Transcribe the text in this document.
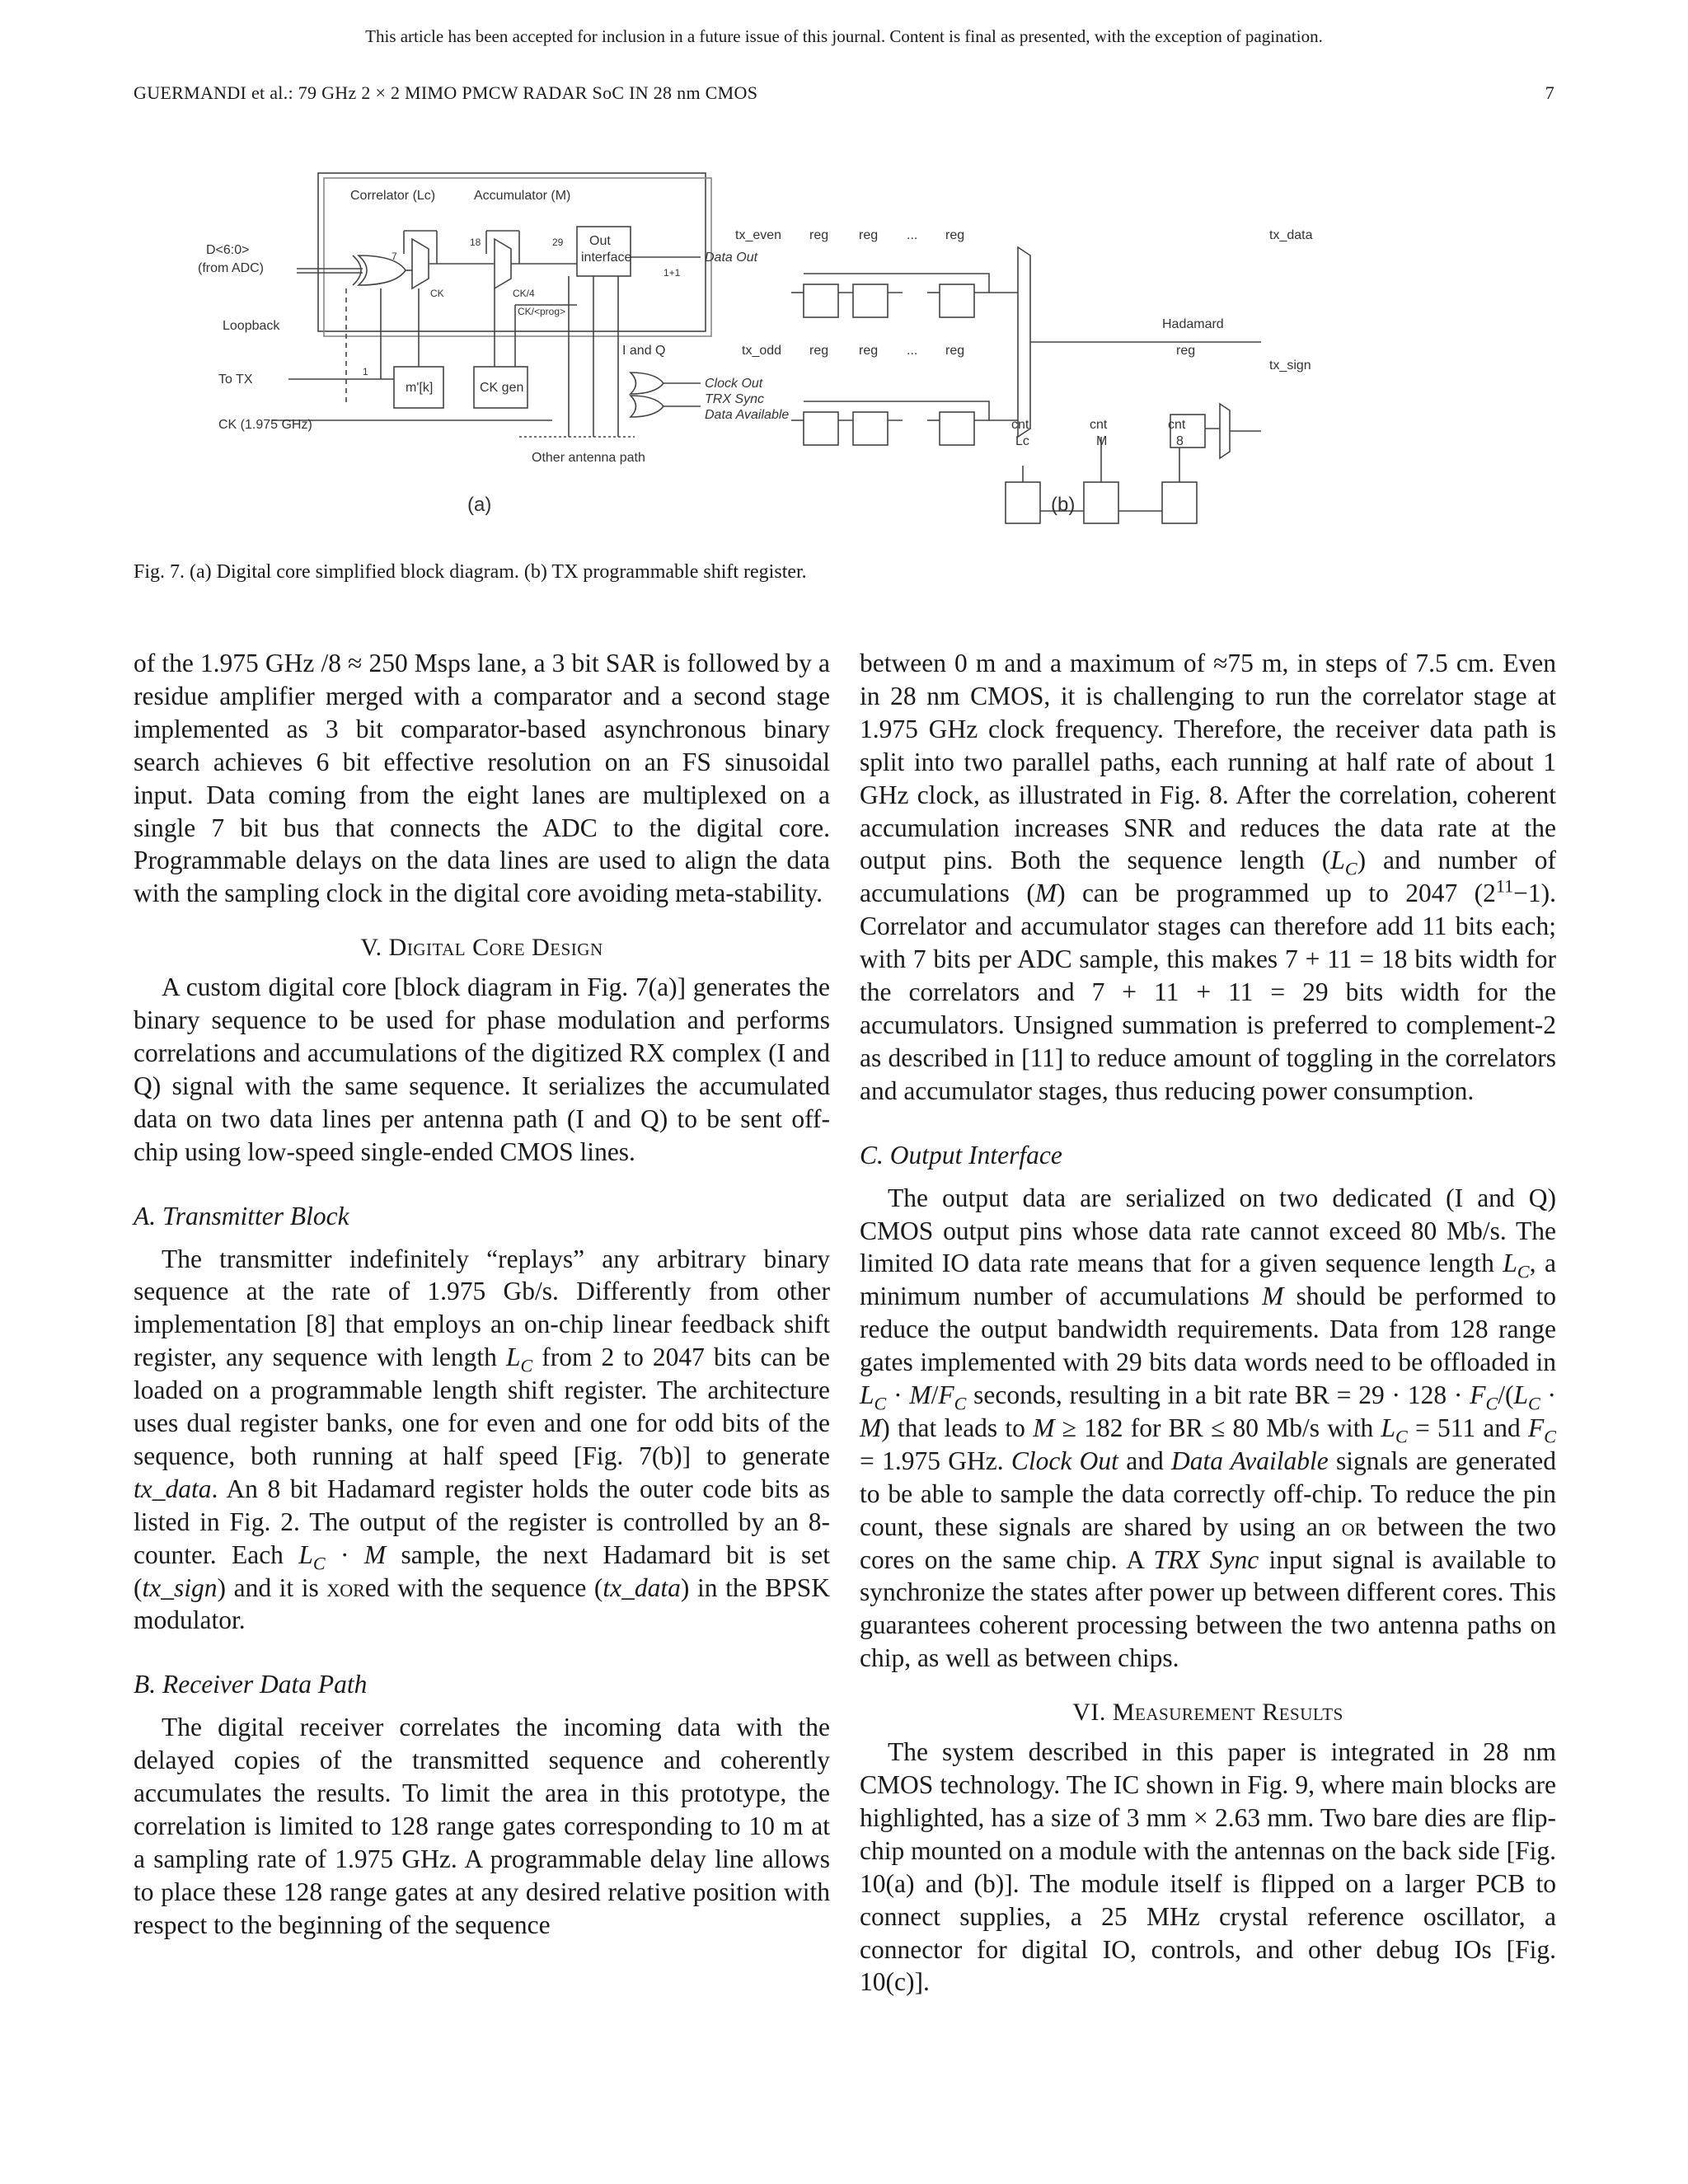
This article has been accepted for inclusion in a future issue of this journal. Content is final as presented, with the exception of pagination.
GUERMANDI et al.: 79 GHz 2 × 2 MIMO PMCW RADAR SoC IN 28 nm CMOS	7
Correlator (Lc)	Accumulator (M)
D<6:0>
(from ADC)
Loopback
To TX
CK (1.975 GHz)
7
18	29
1
1+1
CK	CK/4
CK/<prog>
Out
interface	Data Out
I and Q
m'[k]	CK gen	Clock Out
TRX Sync
Data Available
Other antenna path
(a)
tx_even
tx_odd
reg reg	reg
...
reg reg	reg
...
tx_data
tx_sign
Hadamard
reg
cnt
Lc
cnt
M
cnt
8
(b)
Fig. 7. (a) Digital core simplified block diagram. (b) TX programmable shift register.

of the 1.975 GHz /8 ≈ 250 Msps lane, a 3 bit SAR is followed by a residue amplifier merged with a comparator and a second stage implemented as 3 bit comparator-based asynchronous binary search achieves 6 bit effective resolution on an FS sinusoidal input. Data coming from the eight lanes are multiplexed on a single 7 bit bus that connects the ADC to the digital core. Programmable delays on the data lines are used to align the data with the sampling clock in the digital core avoiding meta-stability.

V. Digital Core Design

A custom digital core [block diagram in Fig. 7(a)] generates the binary sequence to be used for phase modulation and performs correlations and accumulations of the digitized RX complex (I and Q) signal with the same sequence. It serializes the accumulated data on two data lines per antenna path (I and Q) to be sent off-chip using low-speed single-ended CMOS lines.

A. Transmitter Block

The transmitter indefinitely “replays” any arbitrary binary sequence at the rate of 1.975 Gb/s. Differently from other implementation [8] that employs an on-chip linear feedback shift register, any sequence with length $L_C$ from 2 to 2047 bits can be loaded on a programmable length shift register. The architecture uses dual register banks, one for even and one for odd bits of the sequence, both running at half speed [Fig. 7(b)] to generate tx_data. An 8 bit Hadamard register holds the outer code bits as listed in Fig. 2. The output of the register is controlled by an 8-counter. Each $L_C \cdot M$ sample, the next Hadamard bit is set (tx_sign) and it is xored with the sequence (tx_data) in the BPSK modulator.

B. Receiver Data Path

The digital receiver correlates the incoming data with the delayed copies of the transmitted sequence and coherently accumulates the results. To limit the area in this prototype, the correlation is limited to 128 range gates corresponding to 10 m at a sampling rate of 1.975 GHz. A programmable delay line allows to place these 128 range gates at any desired relative position with respect to the beginning of the sequence

between 0 m and a maximum of ≈75 m, in steps of 7.5 cm. Even in 28 nm CMOS, it is challenging to run the correlator stage at 1.975 GHz clock frequency. Therefore, the receiver data path is split into two parallel paths, each running at half rate of about 1 GHz clock, as illustrated in Fig. 8. After the correlation, coherent accumulation increases SNR and reduces the data rate at the output pins. Both the sequence length $(L_C)$ and number of accumulations (M) can be programmed up to 2047 $(2^{11}-1)$. Correlator and accumulator stages can therefore add 11 bits each; with 7 bits per ADC sample, this makes 7 + 11 = 18 bits width for the correlators and 7 + 11 + 11 = 29 bits width for the accumulators. Unsigned summation is preferred to complement-2 as described in [11] to reduce amount of toggling in the correlators and accumulator stages, thus reducing power consumption.

C. Output Interface

The output data are serialized on two dedicated (I and Q) CMOS output pins whose data rate cannot exceed 80 Mb/s. The limited IO data rate means that for a given sequence length $L_C$, a minimum number of accumulations M should be performed to reduce the output bandwidth requirements. Data from 128 range gates implemented with 29 bits data words need to be offloaded in $L_C \cdot M/F_C$ seconds, resulting in a bit rate BR = $29 \cdot 128 \cdot F_C/(L_C \cdot M)$ that leads to M ≥ 182 for BR ≤ 80 Mb/s with $L_C = 511$ and $F_C = 1.975$ GHz. Clock Out and Data Available signals are generated to be able to sample the data correctly off-chip. To reduce the pin count, these signals are shared by using an or between the two cores on the same chip. A TRX Sync input signal is available to synchronize the states after power up between different cores. This guarantees coherent processing between the two antenna paths on chip, as well as between chips.

VI. Measurement Results

The system described in this paper is integrated in 28 nm CMOS technology. The IC shown in Fig. 9, where main blocks are highlighted, has a size of 3 mm × 2.63 mm. Two bare dies are flip-chip mounted on a module with the antennas on the back side [Fig. 10(a) and (b)]. The module itself is flipped on a larger PCB to connect supplies, a 25 MHz crystal reference oscillator, a connector for digital IO, controls, and other debug IOs [Fig. 10(c)].
